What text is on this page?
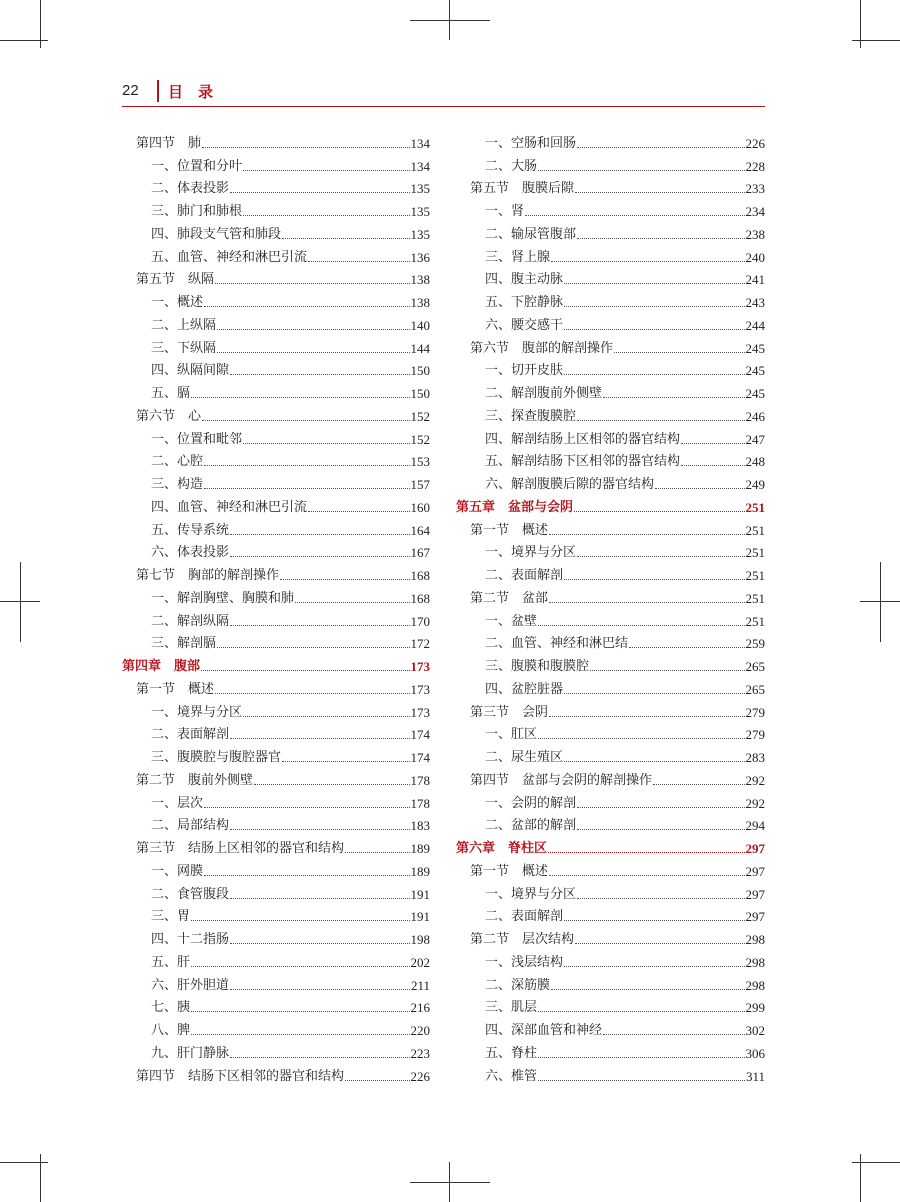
22 目　录
第四节　肺	134
一、位置和分叶	134
二、体表投影	135
三、肺门和肺根	135
四、肺段支气管和肺段	135
五、血管、神经和淋巴引流	136
第五节　纵隔	138
一、概述	138
二、上纵隔	140
三、下纵隔	144
四、纵隔间隙	150
五、膈	150
第六节　心	152
一、位置和毗邻	152
二、心腔	153
三、构造	157
四、血管、神经和淋巴引流	160
五、传导系统	164
六、体表投影	167
第七节　胸部的解剖操作	168
一、解剖胸壁、胸膜和肺	168
二、解剖纵隔	170
三、解剖膈	172
第四章　腹部	173
第一节　概述	173
一、境界与分区	173
二、表面解剖	174
三、腹膜腔与腹腔器官	174
第二节　腹前外侧壁	178
一、层次	178
二、局部结构	183
第三节　结肠上区相邻的器官和结构	189
一、网膜	189
二、食管腹段	191
三、胃	191
四、十二指肠	198
五、肝	202
六、肝外胆道	211
七、胰	216
八、脾	220
九、肝门静脉	223
第四节　结肠下区相邻的器官和结构	226
一、空肠和回肠	226
二、大肠	228
第五节　腹膜后隙	233
一、肾	234
二、输尿管腹部	238
三、肾上腺	240
四、腹主动脉	241
五、下腔静脉	243
六、腰交感干	244
第六节　腹部的解剖操作	245
一、切开皮肤	245
二、解剖腹前外侧壁	245
三、探查腹膜腔	246
四、解剖结肠上区相邻的器官结构	247
五、解剖结肠下区相邻的器官结构	248
六、解剖腹膜后隙的器官结构	249
第五章　盆部与会阴	251
第一节　概述	251
一、境界与分区	251
二、表面解剖	251
第二节　盆部	251
一、盆壁	251
二、血管、神经和淋巴结	259
三、腹膜和腹膜腔	265
四、盆腔脏器	265
第三节　会阴	279
一、肛区	279
二、尿生殖区	283
第四节　盆部与会阴的解剖操作	292
一、会阴的解剖	292
二、盆部的解剖	294
第六章　脊柱区	297
第一节　概述	297
一、境界与分区	297
二、表面解剖	297
第二节　层次结构	298
一、浅层结构	298
二、深筋膜	298
三、肌层	299
四、深部血管和神经	302
五、脊柱	306
六、椎管	311
